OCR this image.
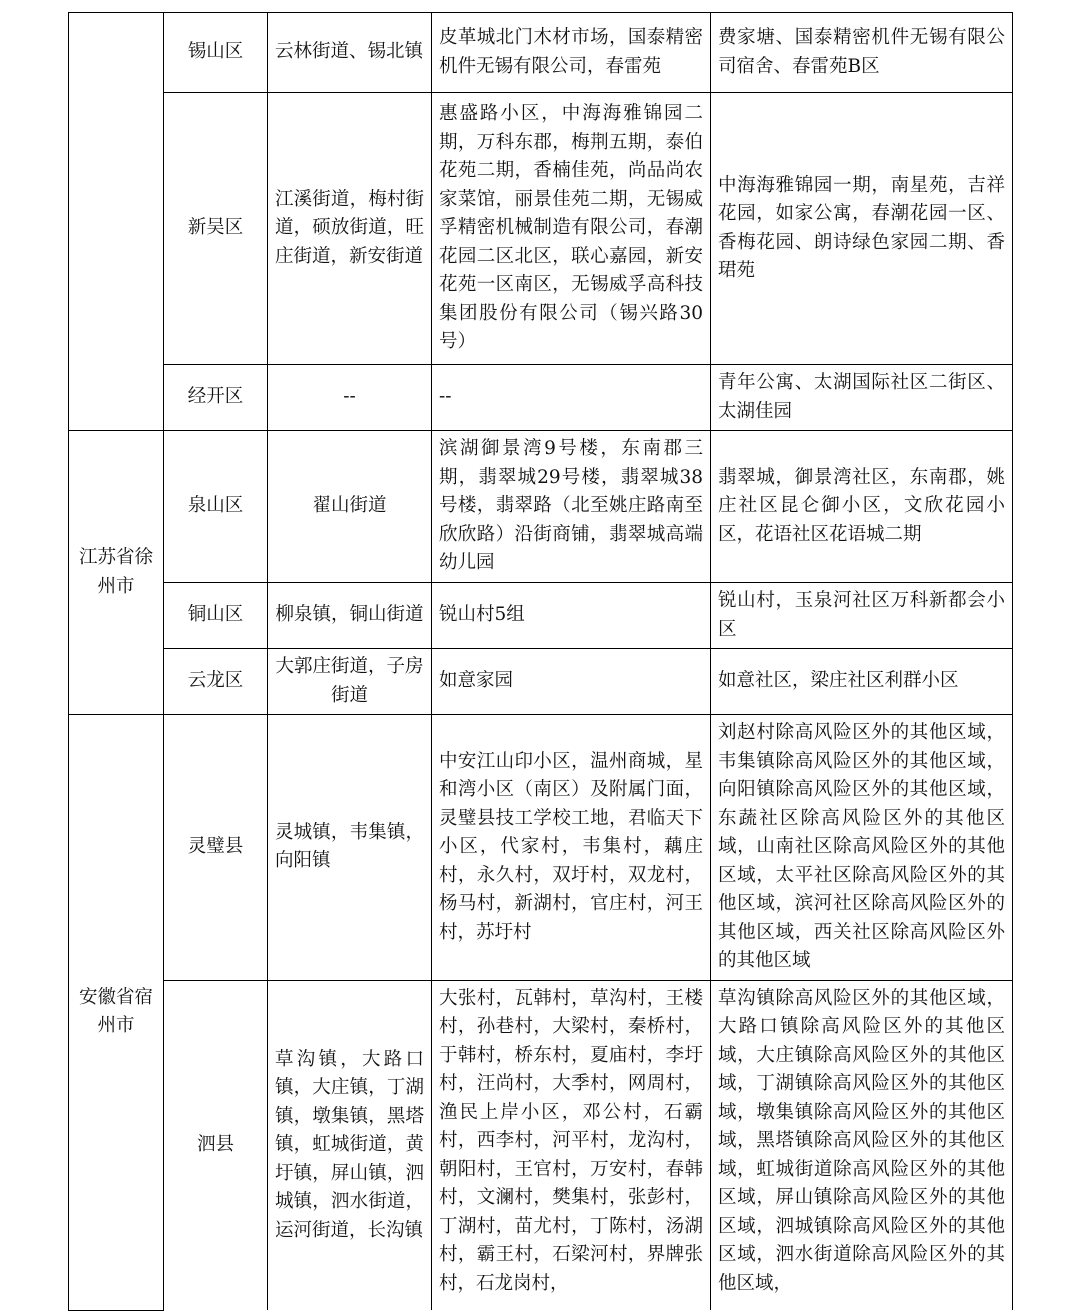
	锡山区	云林街道、锡北镇	皮革城北门木材市场，国泰精密机件无锡有限公司，春雷苑	费家塘、国泰精密机件无锡有限公司宿舍、春雷苑B区
	新吴区	江溪街道，梅村街道，硕放街道，旺庄街道，新安街道	惠盛路小区，中海海雅锦园二期，万科东郡，梅荆五期，泰伯花苑二期，香楠佳苑，尚品尚农家菜馆，丽景佳苑二期，无锡威孚精密机械制造有限公司，春潮花园二区北区，联心嘉园，新安花苑一区南区，无锡威孚高科技集团股份有限公司（锡兴路30号）	中海海雅锦园一期，南星苑，吉祥花园，如家公寓，春潮花园一区、香梅花园、朗诗绿色家园二期、香珺苑
	经开区	--	--	青年公寓、太湖国际社区二街区、太湖佳园
江苏省徐州市	泉山区	翟山街道	滨湖御景湾9号楼，东南郡三期，翡翠城29号楼，翡翠城38号楼，翡翠路（北至姚庄路南至欣欣路）沿街商铺，翡翠城高端幼儿园	翡翠城，御景湾社区，东南郡，姚庄社区昆仑御小区，文欣花园小区，花语社区花语城二期
	铜山区	柳泉镇，铜山街道	锐山村5组	锐山村，玉泉河社区万科新都会小区
	云龙区	大郭庄街道，子房街道	如意家园	如意社区，梁庄社区利群小区
安徽省宿州市	灵璧县	灵城镇，韦集镇，向阳镇	中安江山印小区，温州商城，星和湾小区（南区）及附属门面，灵璧县技工学校工地，君临天下小区，代家村，韦集村，藕庄村，永久村，双圩村，双龙村，杨马村，新湖村，官庄村，河王村，苏圩村	刘赵村除高风险区外的其他区域，韦集镇除高风险区外的其他区域，向阳镇除高风险区外的其他区域，东蔬社区除高风险区外的其他区域，山南社区除高风险区外的其他区域，太平社区除高风险区外的其他区域，滨河社区除高风险区外的其他区域，西关社区除高风险区外的其他区域
	泗县	草沟镇，大路口镇，大庄镇，丁湖镇，墩集镇，黑塔镇，虹城街道，黄圩镇，屏山镇，泗城镇，泗水街道，运河街道，长沟镇	大张村，瓦韩村，草沟村，王楼村，孙巷村，大梁村，秦桥村，于韩村，桥东村，夏庙村，李圩村，汪尚村，大季村，网周村，渔民上岸小区，邓公村，石霸村，西李村，河平村，龙沟村，朝阳村，王官村，万安村，春韩村，文澜村，樊集村，张彭村，丁湖村，苗尤村，丁陈村，汤湖村，霸王村，石梁河村，界牌张村，石龙岗村，	草沟镇除高风险区外的其他区域，大路口镇除高风险区外的其他区域，大庄镇除高风险区外的其他区域，丁湖镇除高风险区外的其他区域，墩集镇除高风险区外的其他区域，黑塔镇除高风险区外的其他区域，虹城街道除高风险区外的其他区域，屏山镇除高风险区外的其他区域，泗城镇除高风险区外的其他区域，泗水街道除高风险区外的其他区域，
